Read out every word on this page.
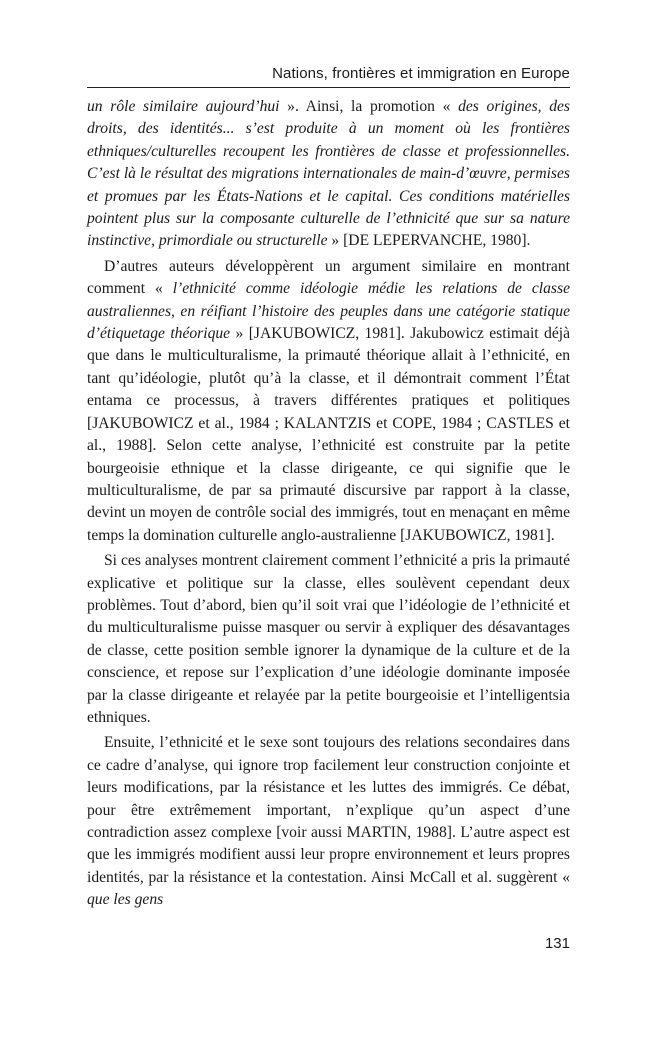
Nations, frontières et immigration en Europe

un rôle similaire aujourd’hui ». Ainsi, la promotion « des origines, des droits, des identités... s’est produite à un moment où les frontières ethniques/culturelles recoupent les frontières de classe et professionnelles. C’est là le résultat des migrations internationales de main-d’œuvre, permises et promues par les États-Nations et le capital. Ces conditions matérielles pointent plus sur la composante culturelle de l’ethnicité que sur sa nature instinctive, primordiale ou structurelle » [DE LEPERVANCHE, 1980].

D’autres auteurs développèrent un argument similaire en montrant comment « l’ethnicité comme idéologie médie les relations de classe australiennes, en réifiant l’histoire des peuples dans une catégorie statique d’étiquetage théorique » [JAKUBOWICZ, 1981]. Jakubowicz estimait déjà que dans le multiculturalisme, la primauté théorique allait à l’ethnicité, en tant qu’idéologie, plutôt qu’à la classe, et il démontrait comment l’État entama ce processus, à travers différentes pratiques et politiques [JAKUBOWICZ et al., 1984 ; KALANTZIS et COPE, 1984 ; CASTLES et al., 1988]. Selon cette analyse, l’ethnicité est construite par la petite bourgeoisie ethnique et la classe dirigeante, ce qui signifie que le multiculturalisme, de par sa primauté discursive par rapport à la classe, devint un moyen de contrôle social des immigrés, tout en menaçant en même temps la domination culturelle anglo-australienne [JAKUBOWICZ, 1981].

Si ces analyses montrent clairement comment l’ethnicité a pris la primauté explicative et politique sur la classe, elles soulèvent cependant deux problèmes. Tout d’abord, bien qu’il soit vrai que l’idéologie de l’ethnicité et du multiculturalisme puisse masquer ou servir à expliquer des désavantages de classe, cette position semble ignorer la dynamique de la culture et de la conscience, et repose sur l’explication d’une idéologie dominante imposée par la classe dirigeante et relayée par la petite bourgeoisie et l’intelligentsia ethniques.

Ensuite, l’ethnicité et le sexe sont toujours des relations secondaires dans ce cadre d’analyse, qui ignore trop facilement leur construction conjointe et leurs modifications, par la résistance et les luttes des immigrés. Ce débat, pour être extrêmement important, n’explique qu’un aspect d’une contradiction assez complexe [voir aussi MARTIN, 1988]. L’autre aspect est que les immigrés modifient aussi leur propre environnement et leurs propres identités, par la résistance et la contestation. Ainsi McCall et al. suggèrent « que les gens

131
